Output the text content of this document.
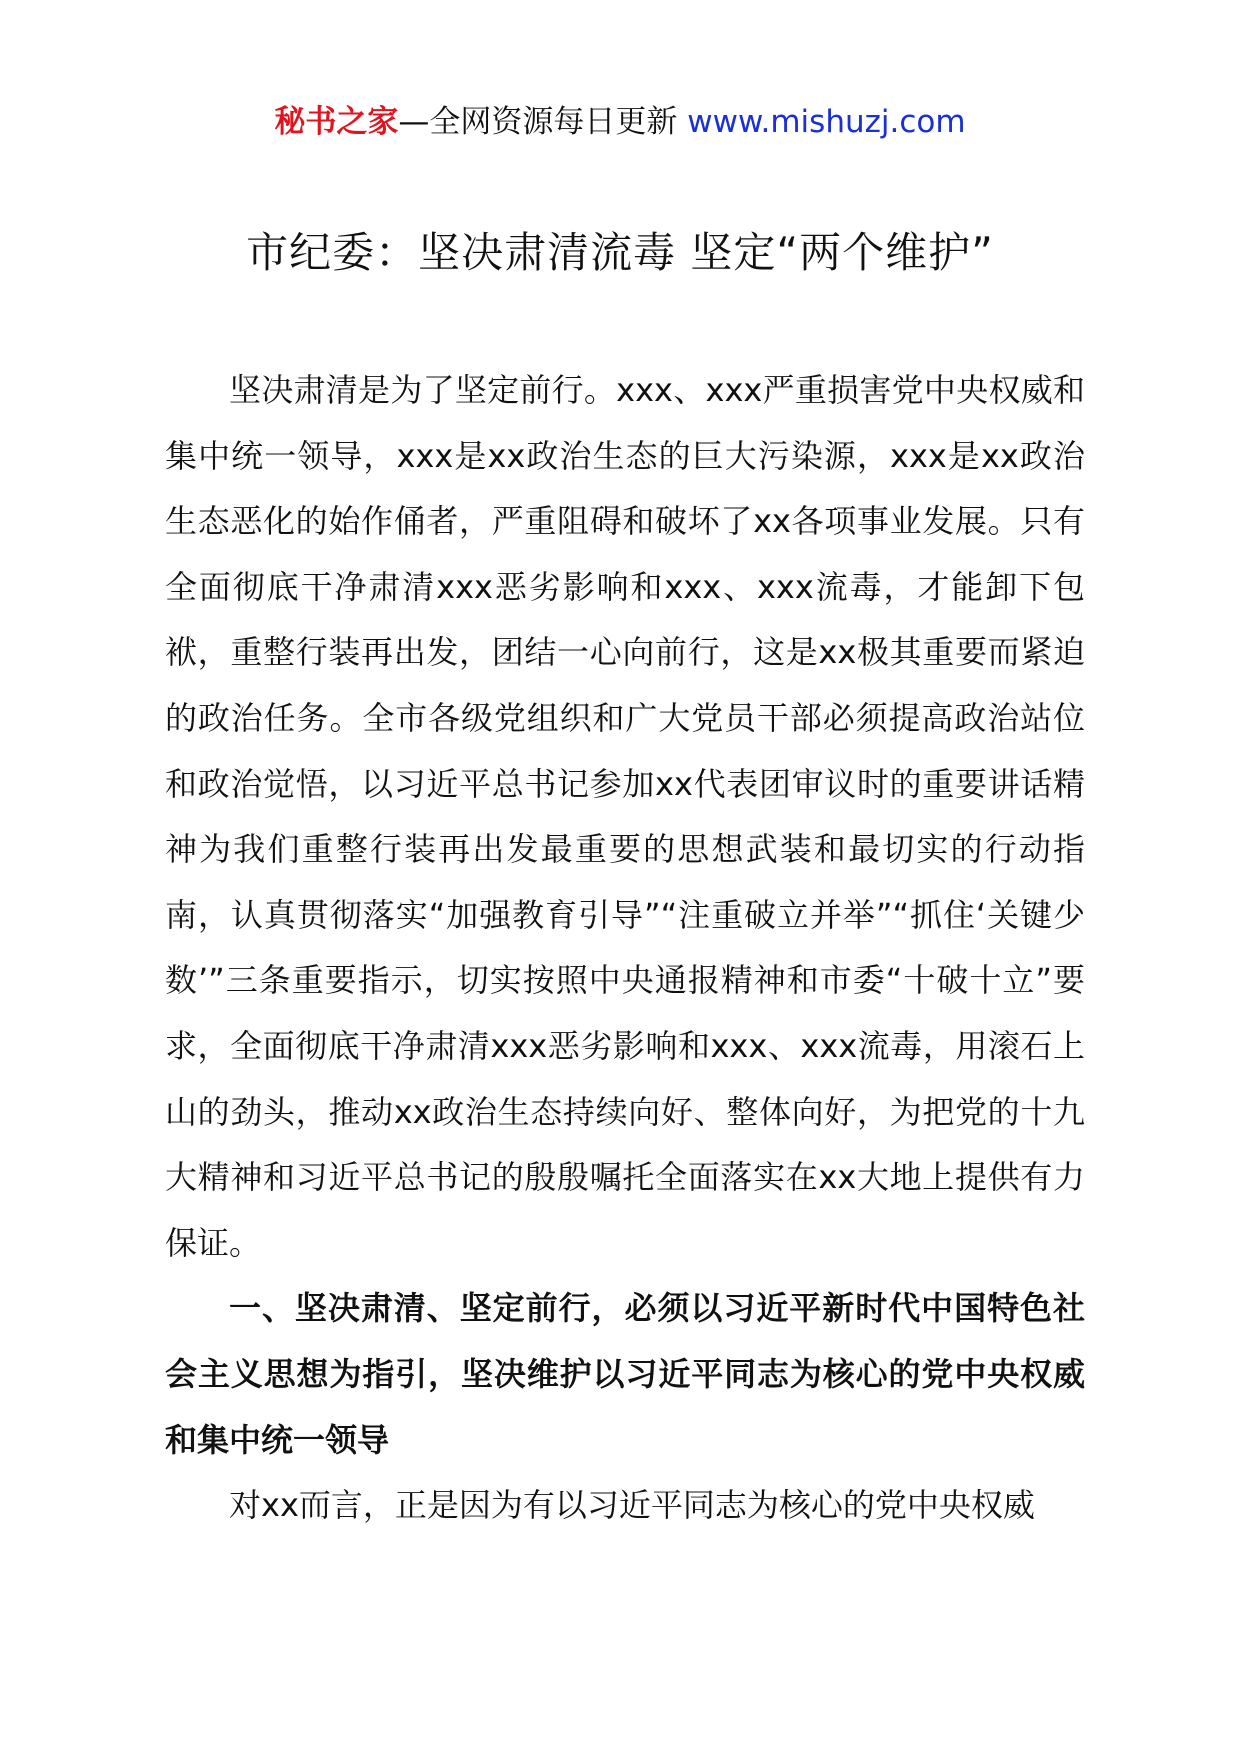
秘书之家—全网资源每日更新 www.mishuzj.com
市纪委：坚决肃清流毒 坚定“两个维护”

坚决肃清是为了坚定前行。xxx、xxx严重损害党中央权威和集中统一领导，xxx是xx政治生态的巨大污染源，xxx是xx政治生态恶化的始作俑者，严重阻碍和破坏了xx各项事业发展。只有全面彻底干净肃清xxx恶劣影响和xxx、xxx流毒，才能卸下包袱，重整行装再出发，团结一心向前行，这是xx极其重要而紧迫的政治任务。全市各级党组织和广大党员干部必须提高政治站位和政治觉悟，以习近平总书记参加xx代表团审议时的重要讲话精神为我们重整行装再出发最重要的思想武装和最切实的行动指南，认真贯彻落实“加强教育引导”“注重破立并举”“抓住‘关键少数’”三条重要指示，切实按照中央通报精神和市委“十破十立”要求，全面彻底干净肃清xxx恶劣影响和xxx、xxx流毒，用滚石上山的劲头，推动xx政治生态持续向好、整体向好，为把党的十九大精神和习近平总书记的殷殷嘱托全面落实在xx大地上提供有力保证。

一、坚决肃清、坚定前行，必须以习近平新时代中国特色社会主义思想为指引，坚决维护以习近平同志为核心的党中央权威和集中统一领导

对xx而言，正是因为有以习近平同志为核心的党中央权威
